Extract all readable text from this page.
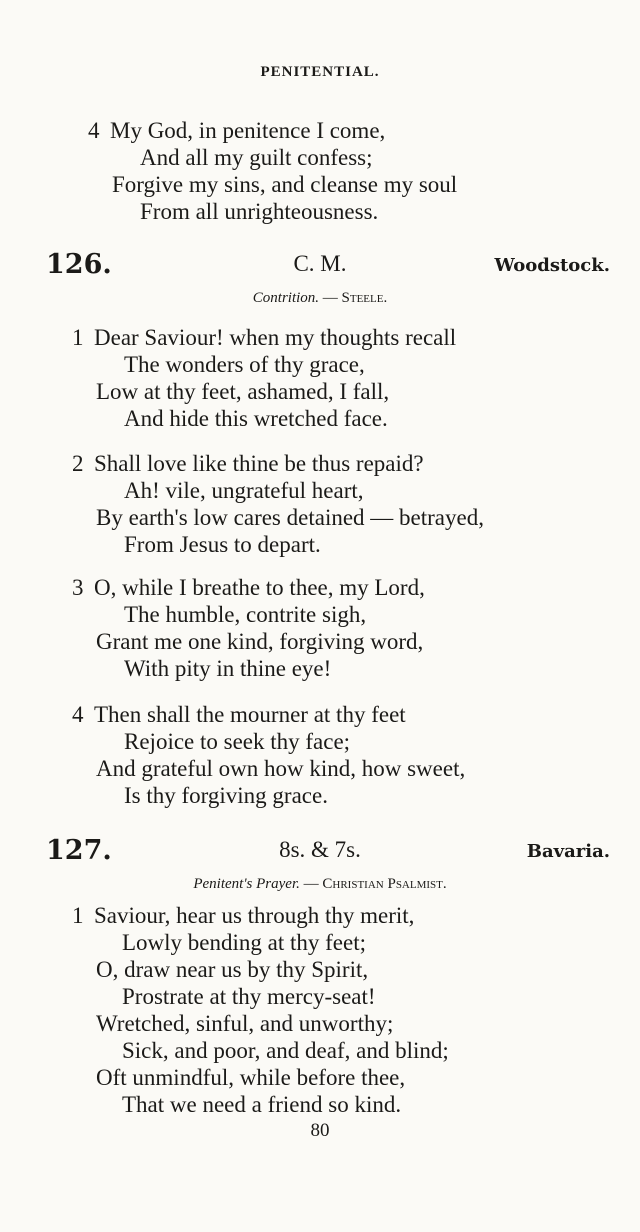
PENITENTIAL.
4 My God, in penitence I come,
And all my guilt confess;
Forgive my sins, and cleanse my soul
From all unrighteousness.
126.	C. M.	Woodstock.
Contrition. — Steele.
1 Dear Saviour! when my thoughts recall
The wonders of thy grace,
Low at thy feet, ashamed, I fall,
And hide this wretched face.
2 Shall love like thine be thus repaid?
Ah! vile, ungrateful heart,
By earth's low cares detained — betrayed,
From Jesus to depart.
3 O, while I breathe to thee, my Lord,
The humble, contrite sigh,
Grant me one kind, forgiving word,
With pity in thine eye!
4 Then shall the mourner at thy feet
Rejoice to seek thy face;
And grateful own how kind, how sweet,
Is thy forgiving grace.
127.	8s. & 7s.	Bavaria.
Penitent's Prayer. — Christian Psalmist.
1 Saviour, hear us through thy merit,
Lowly bending at thy feet;
O, draw near us by thy Spirit,
Prostrate at thy mercy-seat!
Wretched, sinful, and unworthy;
Sick, and poor, and deaf, and blind;
Oft unmindful, while before thee,
That we need a friend so kind.
80
